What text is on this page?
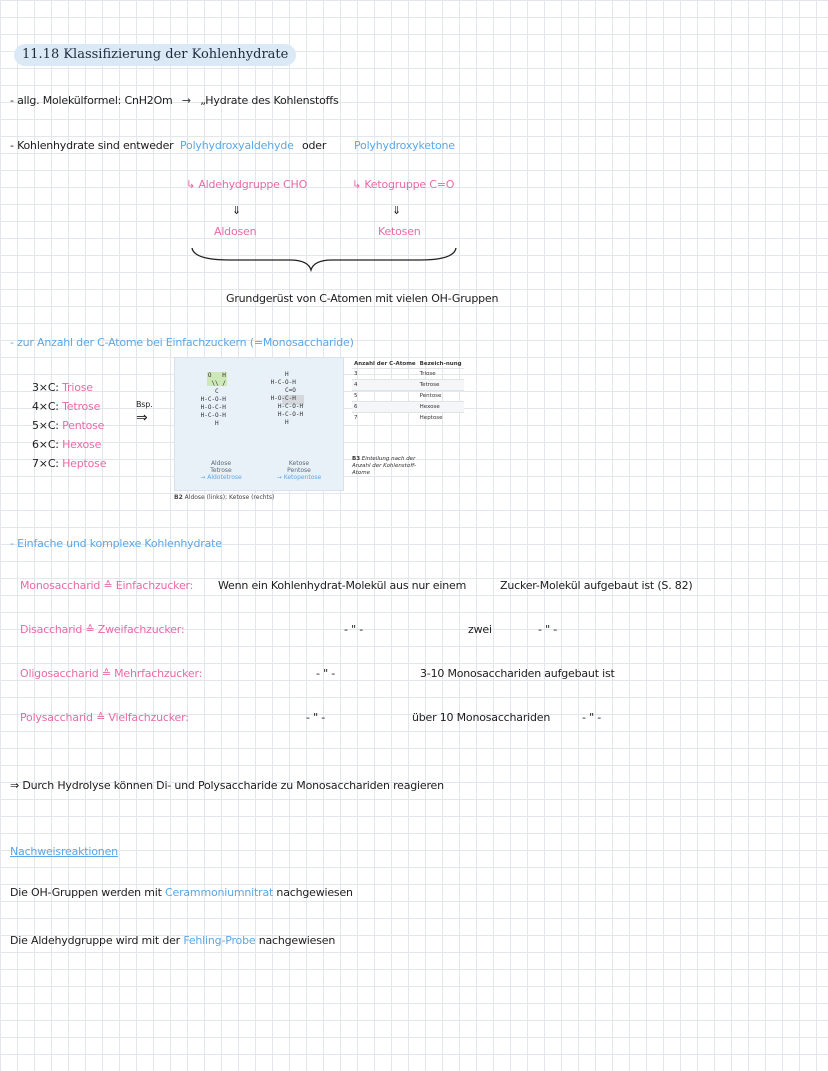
11.18 Klassifizierung der Kohlenhydrate
- allg. Molekülformel: CnH2Om → „Hydrate des Kohlenstoffs
- Kohlenhydrate sind entweder Polyhydroxyaldehyde oder	Polyhydroxyketone
↳ Aldehydgruppe CHO	↳ Ketogruppe C=O
⇓	⇓
Aldosen	Ketosen
Grundgerüst von C-Atomen mit vielen OH-Gruppen
- zur Anzahl der C-Atome bei Einfachzuckern (=Monosaccharide)
3×C: Triose
4×C: Tetrose
5×C: Pentose
6×C: Hexose
7×C: Heptose
Bsp.
⇒
O   H
\\ /
C
H-C-O-H
H-O-C-H
H-C-O-H
H
H
H-C-O-H
C=O
H-O-C-H
H-C-O-H
H-C-O-H
H
Aldose
Tetrose
→ Aldotetrose
Ketose
Pentose
→ Ketopentose
B2 Aldose (links); Ketose (rechts)
Anzahl der C-Atome	Bezeich-nung
3	Triose
4	Tetrose
5	Pentose
6	Hexose
7	Heptose
B3 Einteilung nach der Anzahl der Kohlenstoff-Atome
- Einfache und komplexe Kohlenhydrate
Monosaccharid ≙ Einfachzucker: Wenn ein Kohlenhydrat-Molekül aus nur einem	Zucker-Molekül aufgebaut ist (S. 82)
Disaccharid ≙ Zweifachzucker:	- " -	zwei	- " -
Oligosaccharid ≙ Mehrfachzucker:	- " -	3-10 Monosacchariden aufgebaut ist
Polysaccharid ≙ Vielfachzucker:	- " -	über 10 Monosacchariden	- " -
⇒ Durch Hydrolyse können Di- und Polysaccharide zu Monosacchariden reagieren
Nachweisreaktionen
Die OH-Gruppen werden mit Cerammoniumnitrat nachgewiesen
Die Aldehydgruppe wird mit der Fehling-Probe nachgewiesen
